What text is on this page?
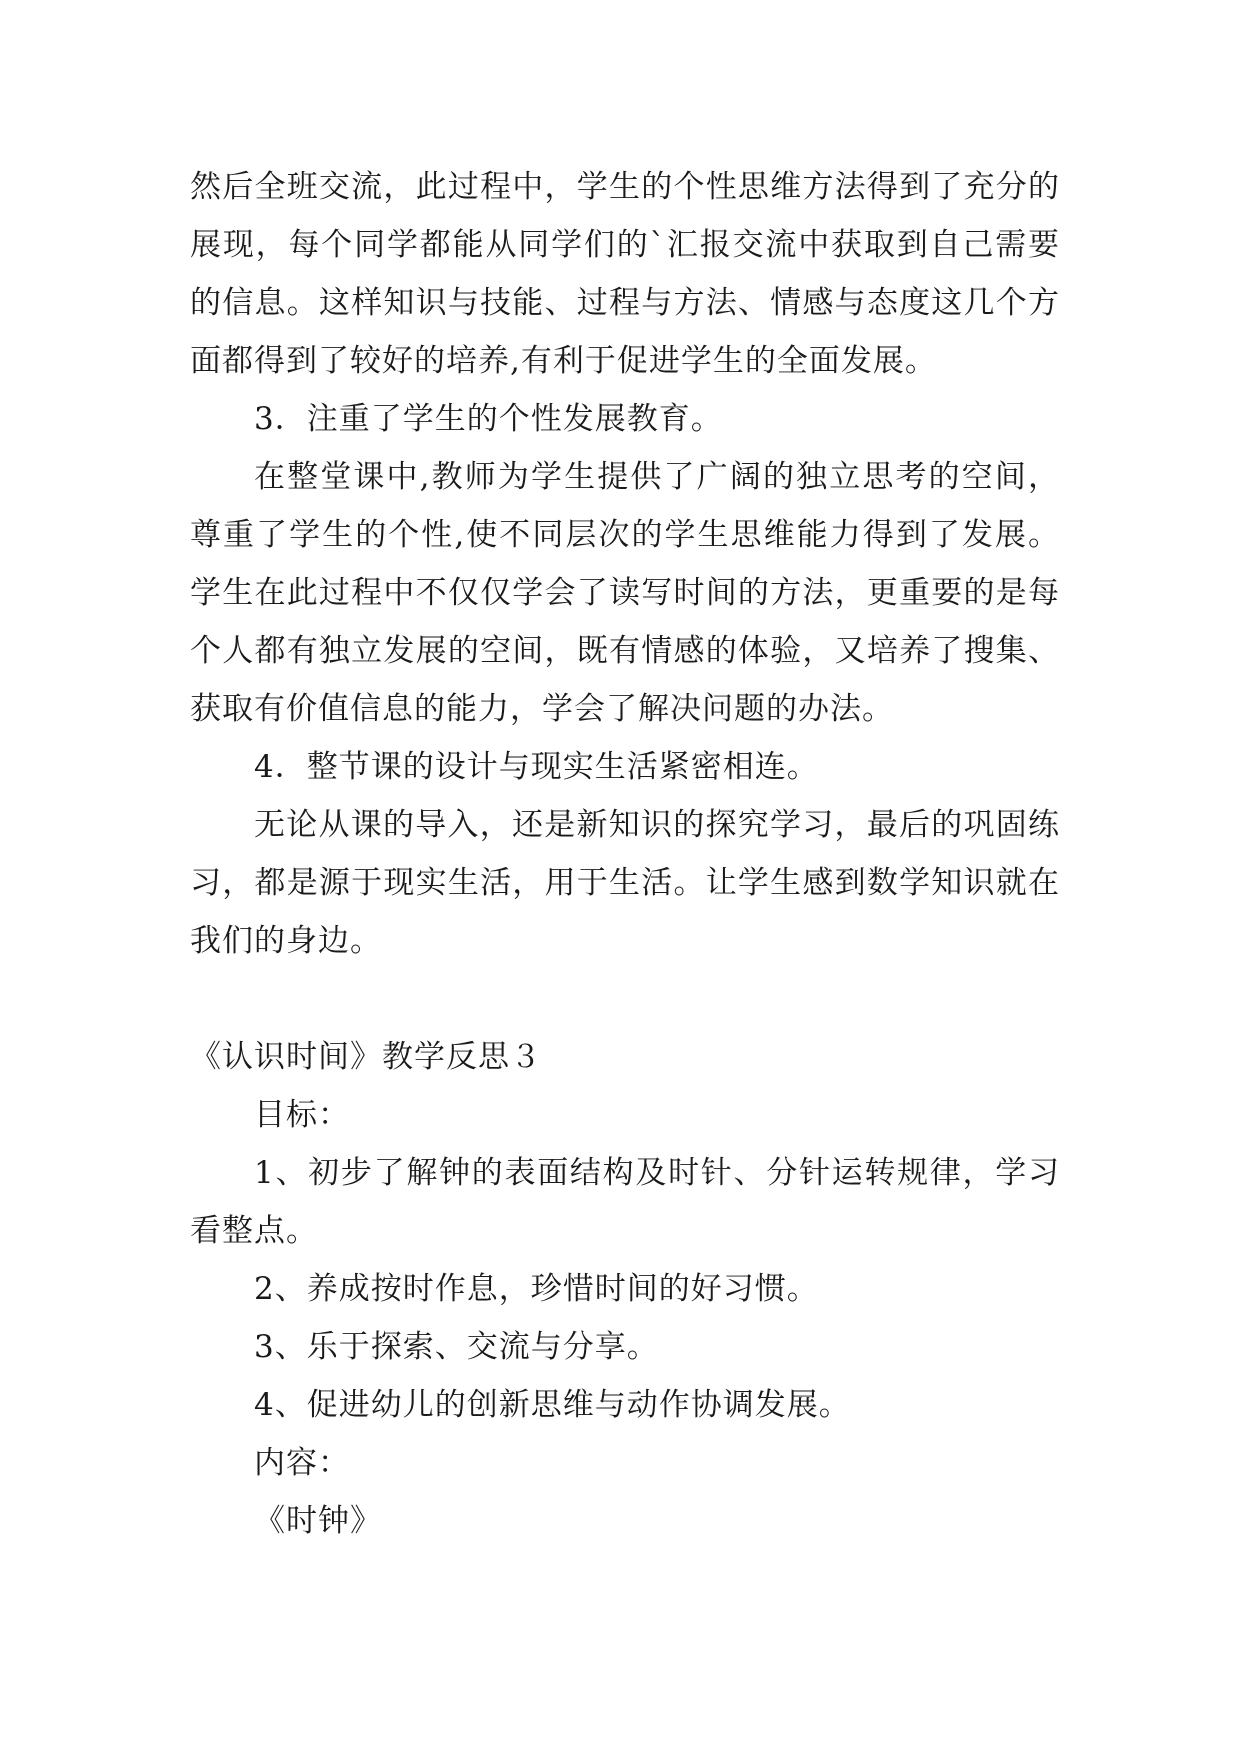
然后全班交流，此过程中，学生的个性思维方法得到了充分的展现，每个同学都能从同学们的`汇报交流中获取到自己需要的信息。这样知识与技能、过程与方法、情感与态度这几个方面都得到了较好的培养,有利于促进学生的全面发展。

3．注重了学生的个性发展教育。

在整堂课中,教师为学生提供了广阔的独立思考的空间，尊重了学生的个性,使不同层次的学生思维能力得到了发展。学生在此过程中不仅仅学会了读写时间的方法，更重要的是每个人都有独立发展的空间，既有情感的体验，又培养了搜集、获取有价值信息的能力，学会了解决问题的办法。

4．整节课的设计与现实生活紧密相连。

无论从课的导入，还是新知识的探究学习，最后的巩固练习，都是源于现实生活，用于生活。让学生感到数学知识就在我们的身边。

《认识时间》教学反思３

目标：

1、初步了解钟的表面结构及时针、分针运转规律，学习看整点。

2、养成按时作息，珍惜时间的好习惯。

3、乐于探索、交流与分享。

4、促进幼儿的创新思维与动作协调发展。

内容：

《时钟》
